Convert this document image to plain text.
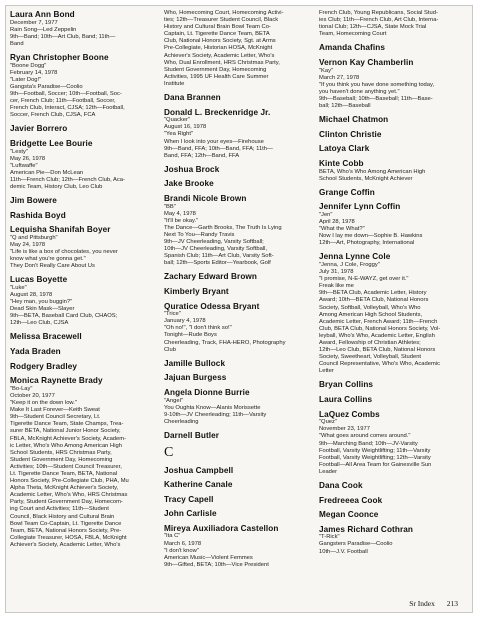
Laura Ann Bond
December 7, 1977
Rain Song—Led Zeppelin
9th—Band; 10th—Art Club, Band; 11th—
Band
Ryan Christopher Boone
"Boone Dogg"
February 14, 1978
"Later Dog!"
Gangsta's Paradise—Coolio
9th—Football, Soccer; 10th—Football, Soc-
cer, French Club; 11th—Football, Soccer,
French Club, Interact, CJSA; 12th—Football,
Soccer, French Club, CJSA, FCA
Javier Borrero
Bridgette Lee Bourie
"Lesty"
May 26, 1978
"Luftwaffe"
American Pie—Don McLean
11th—French Club; 12th—French Club, Aca-
demic Team, History Club, Leo Club
Jim Bowere
Rashida Boyd
Lequisha Shanifah Boyer
"Q and Pittsburgh"
May 24, 1978
"Life is like a box of chocolates, you never
know what you're gonna get."
They Don't Really Care About Us
Lucas Boyette
"Luke"
August 28, 1978
"Hey man, you buggin?"
Dead Skin Mask—Slayer
9th—BETA, Baseball Card Club, CHAOS;
12th—Leo Club, CJSA
Melissa Bracewell
Yada Braden
Rodgery Bradley
Monica Raynette Brady
"Bo-Lay"
October 20, 1977
"Keep it on the down low."
Make It Last Forever—Keith Sweat
9th—Student Council Secretary, Lt.
Tigerette Dance Team, State Champs, Trea-
surer BETA, National Junior Honor Society,
FBLA, McKnight Achiever's Society, Academ-
ic Letter, Who's Who Among American High
School Students, HRS Christmas Party,
Student Government Day, Homecoming
Activities; 10th—Student Council Treasurer,
Lt. Tigerette Dance Team, BETA, National
Honors Society, Pre-Collegiate Club, PHA, Mu
Alpha Theta, McKnight Achiever's Society,
Academic Letter, Who's Who, HRS Christmas
Party, Student Government Day, Homecom-
ing Court and Activities; 11th—Student
Council, Black History and Cultural Brain
Bowl Team Co-Captain, Lt. Tigerette Dance
Team, BETA, National Honors Society, Pre-
Collegiate Treasurer, HOSA, FBLA, McKnight
Achiever's Society, Academic Letter, Who's
Who, Homecoming Court, Homecoming Activi-
ties; 12th—Treasurer Student Council, Black
History and Cultural Brain Bowl Team Co-
Captain, Lt. Tigerette Dance Team, BETA
Club, National Honors Society, Sgt. at Arms
Pre-Collegiate, Historian HOSA, McKnight
Achiever's Society, Academic Letter, Who's
Who, Dual Enrollment, HRS Christmas Party,
Student Government Day, Homecoming
Activities, 1995 UF Health Care Summer
Institute
Dana Brannen
Donald L. Breckenridge Jr.
"Quacker"
August 16, 1978
"Yea Right"
When I look into your eyes—Firehouse
9th—Band, FFA; 10th—Band, FFA; 11th—
Band, FFA; 12th—Band, FFA
Joshua Brock
Jake Brooke
Brandi Nicole Brown
"BB"
May 4, 1978
"It'll be okay."
The Dance—Garth Brooks, The Truth Is Lying
Next To You—Randy Travis
9th—JV Cheerleading, Varsity Softball;
10th—JV Cheerleading, Varsity Softball,
Spanish Club; 11th—Art Club, Varsity Soft-
ball; 12th—Sports Editor—Yearbook, Golf
Zachary Edward Brown
Kimberly Bryant
Quratice Odessa Bryant
"Trice"
January 4, 1978
"Oh no!", "I don't think so!"
Tonight—Rude Boys
Cheerleading, Track, FHA-HERO, Photography
Club
Jamille Bullock
Jajuan Burgess
Angela Dionne Burrie
"Angel"
You Oughta Know—Alanis Morissette
9-10th—JV Cheerleading; 11th—Varsity
Cheerleading
Darnell Butler
C
Joshua Campbell
Katherine Canale
Tracy Capell
John Carlisle
Mireya Auxiliadora Castellon
"Ita C"
March 6, 1978
"I don't know"
American Music—Violent Femmes
9th—Gifted, BETA; 10th—Vice President
French Club, Young Republicans, Social Stud-
ies Club; 11th—French Club, Art Club, Interna-
tional Club; 12th—CJSA, State Mock Trial
Team, Homecoming Court
Amanda Chafins
Vernon Kay Chamberlin
"Kay"
March 27, 1978
"If you think you have done something today,
you haven't done anything yet."
9th—Baseball; 10th—Baseball; 11th—Base-
ball; 12th—Baseball
Michael Chatmon
Clinton Christie
Latoya Clark
Kinte Cobb
BETA, Who's Who Among American High
School Students, McKnight Achiever
Grange Coffin
Jennifer Lynn Coffin
"Jen"
April 28, 1978
"What the What?"
Now I lay me down—Sophie B. Hawkins
12th—Art, Photography, International
Jenna Lynne Cole
"Jenna, J Cole, Froggy"
July 31, 1978
"I promise, N-E-WAYZ, get over it."
Freak like me
9th—BETA Club, Academic Letter, History
Award; 10th—BETA Club, National Honors
Society, Softball, Volleyball, Who's Who
Among American High School Students,
Academic Letter, French Award; 11th—French
Club, BETA Club, National Honors Society, Vol-
leyball, Who's Who, Academic Letter, English
Award, Fellowship of Christian Athletes;
12th—Leo Club, BETA Club, National Honors
Society, Sweetheart, Volleyball, Student
Council Representative, Who's Who, Academic
Letter
Bryan Collins
Laura Collins
LaQuez Combs
"Quez"
November 23, 1977
"What goes around comes around."
9th—Marching Band; 10th—JV-Varsity
Football, Varsity Weightlifting; 11th—Varsity
Football, Varsity Weightlifting; 12th—Varsity
Football—All Area Team for Gainesville Sun
Leader
Dana Cook
Fredreeea Cook
Megan Coonce
James Richard Cothran
"T-Rick"
Gangsters Paradise—Coolio
10th—J.V. Football
Sr Index 213
